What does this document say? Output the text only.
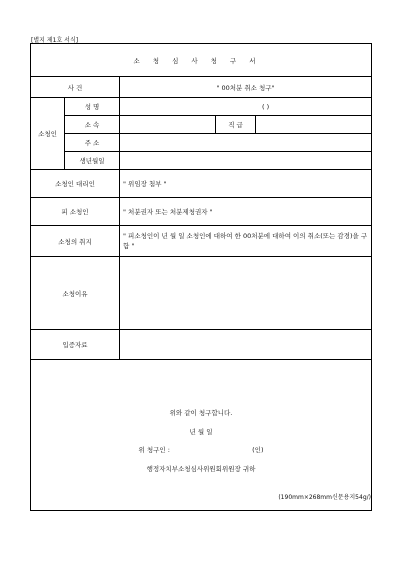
[별지 제1호 서식]
소청심사청구서				
사 건		" 00처분 취소 청구"		
소청인	성 명	( )		
	소 속		직 급	
	주 소			
	생년월일			
소청인 대리인		" 위임장 첨부 "		
피 소청인		" 처분권자 또는 처분제청권자 "		
소청의 취지		" 피소청인이 년 월 일 소청인에 대하여 한 00처분에 대하여 이의 취소(또는 감경)을 구함 "		
소청이유				
입증자료				

위와 같이 청구합니다.

년 월 일

위 청구인 : (인)

행정자치부소청심사위원회위원장 귀하				

(190mm×268mm신문용지54g/)
